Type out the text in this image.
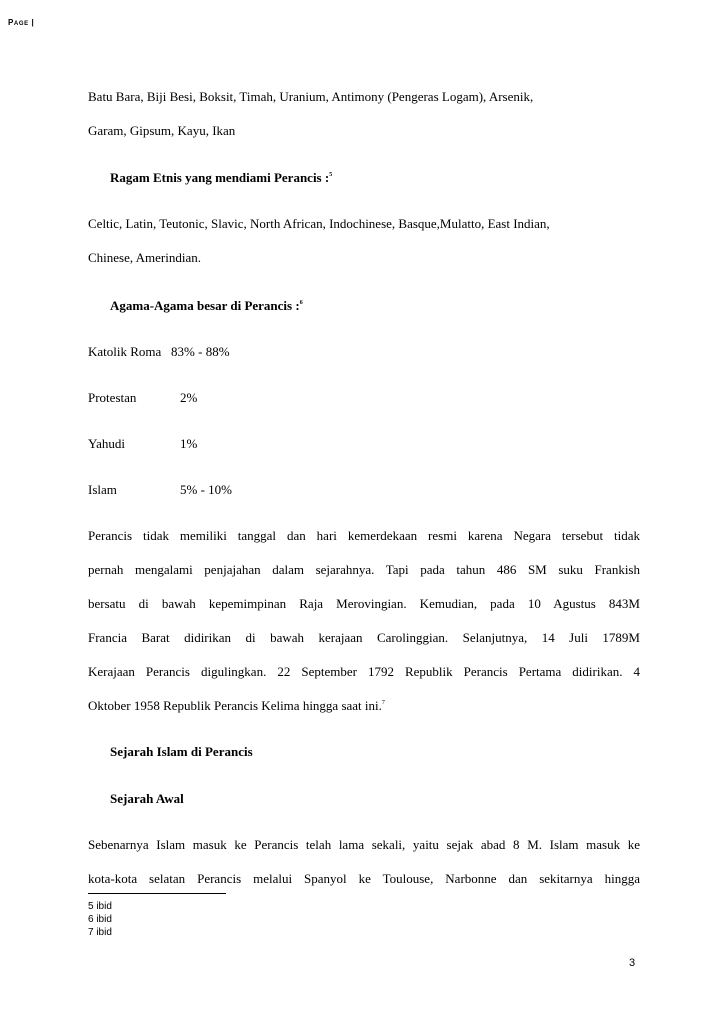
Page |
Batu Bara, Biji Besi, Boksit, Timah, Uranium, Antimony (Pengeras Logam), Arsenik,
Garam, Gipsum, Kayu, Ikan
Ragam Etnis yang mendiami Perancis :$^5$
Celtic, Latin, Teutonic, Slavic, North African, Indochinese, Basque,Mulatto, East Indian,
Chinese, Amerindian.
Agama-Agama besar di Perancis :$^6$
Katolik Roma 83% - 88%
Protestan	2%
Yahudi	1%
Islam	5% - 10%
Perancis tidak memiliki tanggal dan hari kemerdekaan resmi karena Negara tersebut tidak
pernah mengalami penjajahan dalam sejarahnya. Tapi pada tahun 486 SM suku Frankish
bersatu di bawah kepemimpinan Raja Merovingian. Kemudian, pada 10 Agustus 843M
Francia Barat didirikan di bawah kerajaan Carolinggian. Selanjutnya, 14 Juli 1789M
Kerajaan Perancis digulingkan. 22 September 1792 Republik Perancis Pertama didirikan. 4
Oktober 1958 Republik Perancis Kelima hingga saat ini.$^7$
Sejarah Islam di Perancis
Sejarah Awal
Sebenarnya Islam masuk ke Perancis telah lama sekali, yaitu sejak abad 8 M. Islam masuk ke
kota-kota selatan Perancis melalui Spanyol ke Toulouse, Narbonne dan sekitarnya hingga
5 ibid
6 ibid
7 ibid
3
